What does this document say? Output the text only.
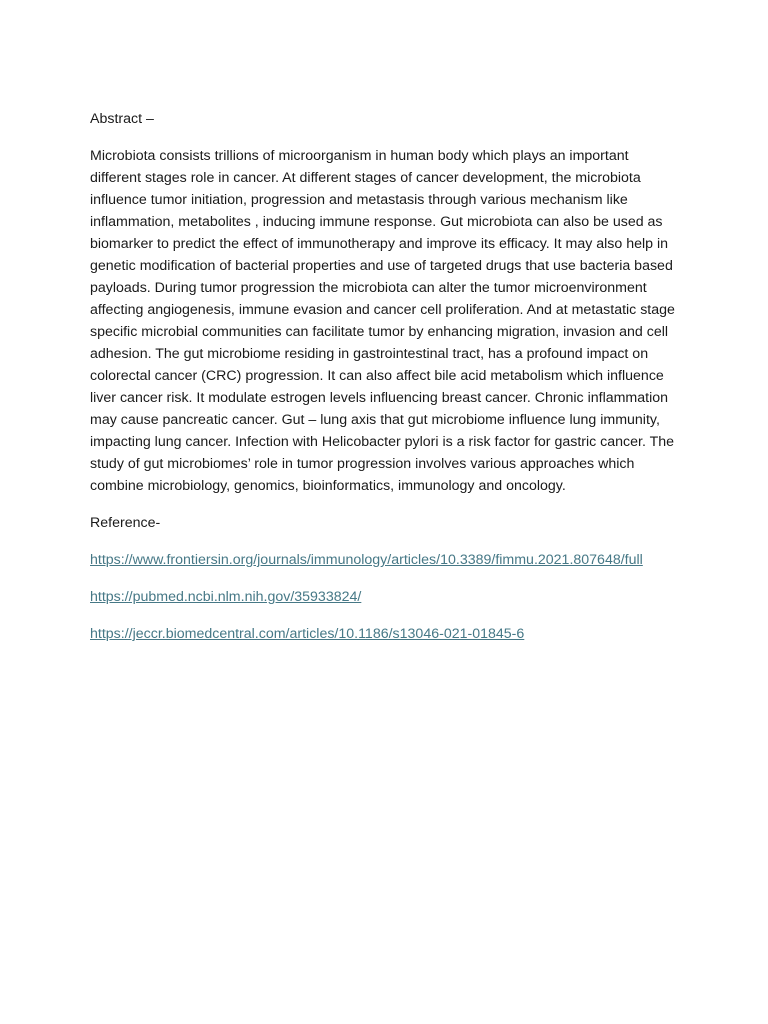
Abstract –

Microbiota consists trillions of microorganism in human body which plays an important different stages role in cancer. At different stages of cancer development, the microbiota influence tumor initiation, progression and metastasis through various mechanism like inflammation, metabolites , inducing immune response. Gut microbiota can also be used as biomarker to predict the effect of immunotherapy and improve its efficacy. It may also help in genetic modification of bacterial properties and use of targeted drugs that use bacteria based payloads. During tumor progression the microbiota can alter the tumor microenvironment affecting angiogenesis, immune evasion and cancer cell proliferation. And at metastatic stage specific microbial communities can facilitate tumor by enhancing migration, invasion and cell adhesion. The gut microbiome residing in gastrointestinal tract, has a profound impact on colorectal cancer (CRC) progression. It can also affect bile acid metabolism which influence liver cancer risk. It modulate estrogen levels influencing breast cancer. Chronic inflammation may cause pancreatic cancer. Gut – lung axis that gut microbiome influence lung immunity, impacting lung cancer. Infection with Helicobacter pylori is a risk factor for gastric cancer. The study of gut microbiomes’ role in tumor progression involves various approaches which combine microbiology, genomics, bioinformatics, immunology and oncology.

Reference-

https://www.frontiersin.org/journals/immunology/articles/10.3389/fimmu.2021.807648/full
https://pubmed.ncbi.nlm.nih.gov/35933824/
https://jeccr.biomedcentral.com/articles/10.1186/s13046-021-01845-6
